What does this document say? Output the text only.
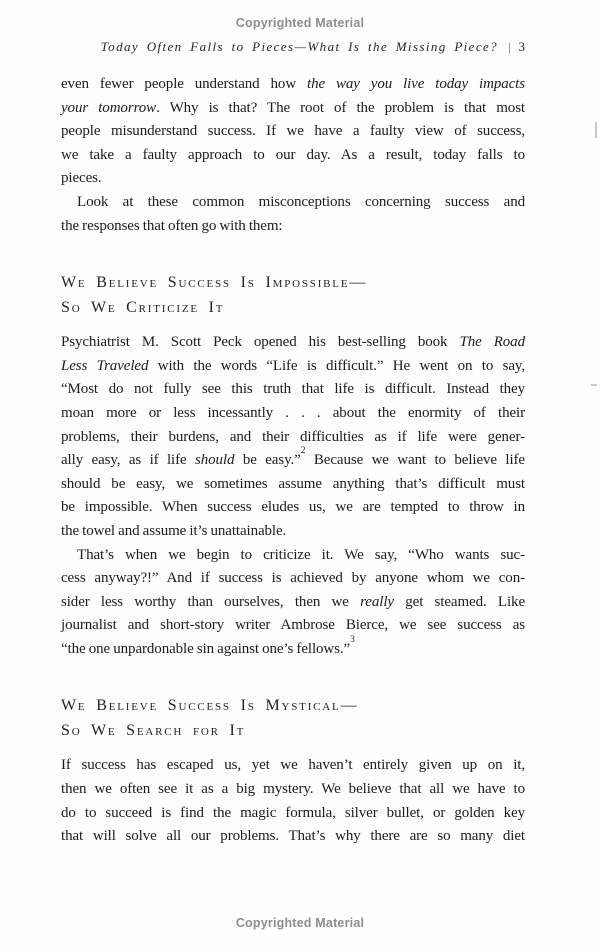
Copyrighted Material
Today Often Falls to Pieces—What Is the Missing Piece? | 3
even fewer people understand how the way you live today impacts
your tomorrow. Why is that? The root of the problem is that most
people misunderstand success. If we have a faulty view of success,
we take a faulty approach to our day. As a result, today falls to
pieces.
Look at these common misconceptions concerning success and
the responses that often go with them:
We Believe Success Is Impossible—
So We Criticize It
Psychiatrist M. Scott Peck opened his best-selling book The Road
Less Traveled with the words “Life is difficult.” He went on to say,
“Most do not fully see this truth that life is difficult. Instead they
moan more or less incessantly . . . about the enormity of their
problems, their burdens, and their difficulties as if life were gener-
ally easy, as if life should be easy.”$^2$ Because we want to believe life
should be easy, we sometimes assume anything that’s difficult must
be impossible. When success eludes us, we are tempted to throw in
the towel and assume it’s unattainable.
That’s when we begin to criticize it. We say, “Who wants suc-
cess anyway?!” And if success is achieved by anyone whom we con-
sider less worthy than ourselves, then we really get steamed. Like
journalist and short-story writer Ambrose Bierce, we see success as
“the one unpardonable sin against one’s fellows.”$^3$
We Believe Success Is Mystical—
So We Search for It
If success has escaped us, yet we haven’t entirely given up on it,
then we often see it as a big mystery. We believe that all we have to
do to succeed is find the magic formula, silver bullet, or golden key
that will solve all our problems. That’s why there are so many diet
Copyrighted Material
